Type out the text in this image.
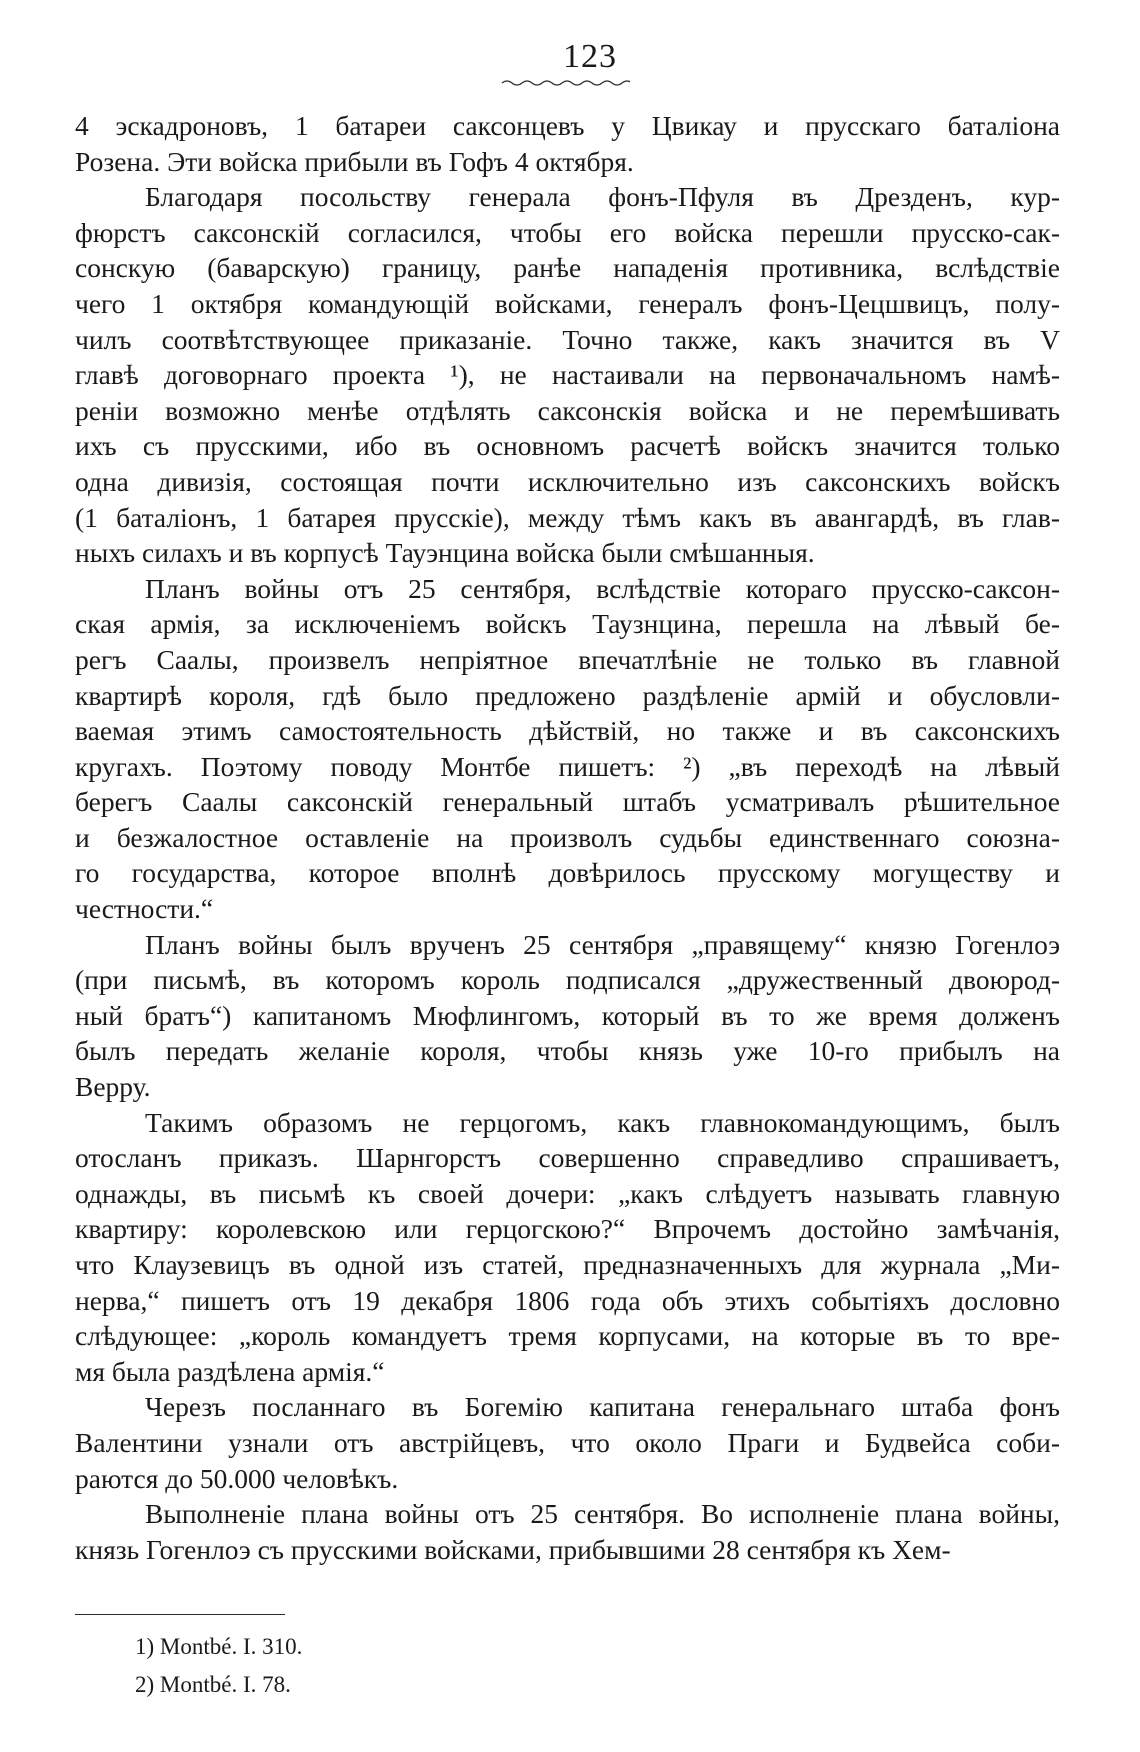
123
4 эскадроновъ, 1 батареи саксонцевъ у Цвикау и прусскаго баталіона
Розена. Эти войска прибыли въ Гофъ 4 октября.
Благодаря посольству генерала фонъ-Пфуля въ Дрезденъ, кур-
фюрстъ саксонскій согласился, чтобы его войска перешли прусско-сак-
сонскую (баварскую) границу, ранѣе нападенія противника, вслѣдствіе
чего 1 октября командующій войсками, генералъ фонъ-Цецшвицъ, полу-
чилъ соотвѣтствующее приказаніе. Точно также, какъ значится въ V
главѣ договорнаго проекта ¹), не настаивали на первоначальномъ намѣ-
реніи возможно менѣе отдѣлять саксонскія войска и не перемѣшивать
ихъ съ прусскими, ибо въ основномъ расчетѣ войскъ значится только
одна дивизія, состоящая почти исключительно изъ саксонскихъ войскъ
(1 баталіонъ, 1 батарея прусскіе), между тѣмъ какъ въ авангардѣ, въ глав-
ныхъ силахъ и въ корпусѣ Тауэнцина войска были смѣшанныя.
Планъ войны отъ 25 сентября, вслѣдствіе котораго прусско-саксон-
ская армія, за исключеніемъ войскъ Таузнцина, перешла на лѣвый бе-
регъ Саалы, произвелъ непріятное впечатлѣніе не только въ главной
квартирѣ короля, гдѣ было предложено раздѣленіе армій и обусловли-
ваемая этимъ самостоятельность дѣйствій, но также и въ саксонскихъ
кругахъ. Поэтому поводу Монтбе пишетъ: ²) „въ переходѣ на лѣвый
берегъ Саалы саксонскій генеральный штабъ усматривалъ рѣшительное
и безжалостное оставленіе на произволъ судьбы единственнаго союзна-
го государства, которое вполнѣ довѣрилось прусскому могуществу и
честности.“
Планъ войны былъ врученъ 25 сентября „правящему“ князю Гогенлоэ
(при письмѣ, въ которомъ король подписался „дружественный двоюрод-
ный братъ“) капитаномъ Мюфлингомъ, который въ то же время долженъ
былъ передать желаніе короля, чтобы князь уже 10-го прибылъ на
Верру.
Такимъ образомъ не герцогомъ, какъ главнокомандующимъ, былъ
отосланъ приказъ. Шарнгорстъ совершенно справедливо спрашиваетъ,
однажды, въ письмѣ къ своей дочери: „какъ слѣдуетъ называть главную
квартиру: королевскою или герцогскою?“ Впрочемъ достойно замѣчанія,
что Клаузевицъ въ одной изъ статей, предназначенныхъ для журнала „Ми-
нерва,“ пишетъ отъ 19 декабря 1806 года объ этихъ событіяхъ дословно
слѣдующее: „король командуетъ тремя корпусами, на которые въ то вре-
мя была раздѣлена армія.“
Черезъ посланнаго въ Богемію капитана генеральнаго штаба фонъ
Валентини узнали отъ австрійцевъ, что около Праги и Будвейса соби-
раются до 50.000 человѣкъ.
Выполненіе плана войны отъ 25 сентября. Во исполненіе плана войны,
князь Гогенлоэ съ прусскими войсками, прибывшими 28 сентября къ Хем-
1) Montbé. I. 310.
2) Montbé. I. 78.
